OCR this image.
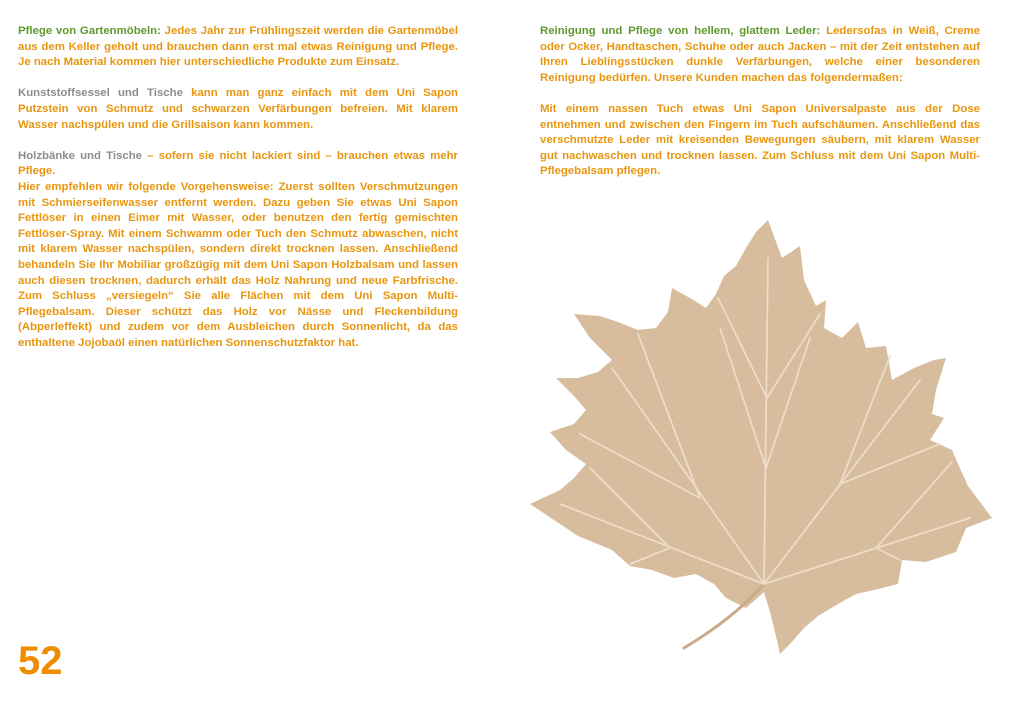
Pflege von Gartenmöbeln: Jedes Jahr zur Frühlingszeit werden die Gartenmöbel aus dem Keller geholt und brauchen dann erst mal etwas Reinigung und Pflege. Je nach Material kommen hier unterschiedliche Produkte zum Einsatz.

Kunststoffsessel und Tische kann man ganz einfach mit dem Uni Sapon Putzstein von Schmutz und schwarzen Verfärbungen befreien. Mit klarem Wasser nachspülen und die Grillsaison kann kommen.

Holzbänke und Tische – sofern sie nicht lackiert sind – brauchen etwas mehr Pflege.

Hier empfehlen wir folgende Vorgehensweise: Zuerst sollten Verschmutzungen mit Schmierseifenwasser entfernt werden. Dazu geben Sie etwas Uni Sapon Fettlöser in einen Eimer mit Wasser, oder benutzen den fertig gemischten Fettlöser-Spray. Mit einem Schwamm oder Tuch den Schmutz abwaschen, nicht mit klarem Wasser nachspülen, sondern direkt trocknen lassen. Anschließend behandeln Sie Ihr Mobiliar großzügig mit dem Uni Sapon Holzbalsam und lassen auch diesen trocknen, dadurch erhält das Holz Nahrung und neue Farbfrische. Zum Schluss „versiegeln“ Sie alle Flächen mit dem Uni Sapon Multi-Pflegebalsam. Dieser schützt das Holz vor Nässe und Fleckenbildung (Abperleffekt) und zudem vor dem Ausbleichen durch Sonnenlicht, da das enthaltene Jojobaöl einen natürlichen Sonnenschutzfaktor hat.

Reinigung und Pflege von hellem, glattem Leder: Ledersofas in Weiß, Creme oder Ocker, Handtaschen, Schuhe oder auch Jacken – mit der Zeit entstehen auf Ihren Lieblingsstücken dunkle Verfärbungen, welche einer besonderen Reinigung bedürfen. Unsere Kunden machen das folgendermaßen:

Mit einem nassen Tuch etwas Uni Sapon Universalpaste aus der Dose entnehmen und zwischen den Fingern im Tuch aufschäumen. Anschließend das verschmutzte Leder mit kreisenden Bewegungen säubern, mit klarem Wasser gut nachwaschen und trocknen lassen. Zum Schluss mit dem Uni Sapon Multi-Pflegebalsam pflegen.

52
